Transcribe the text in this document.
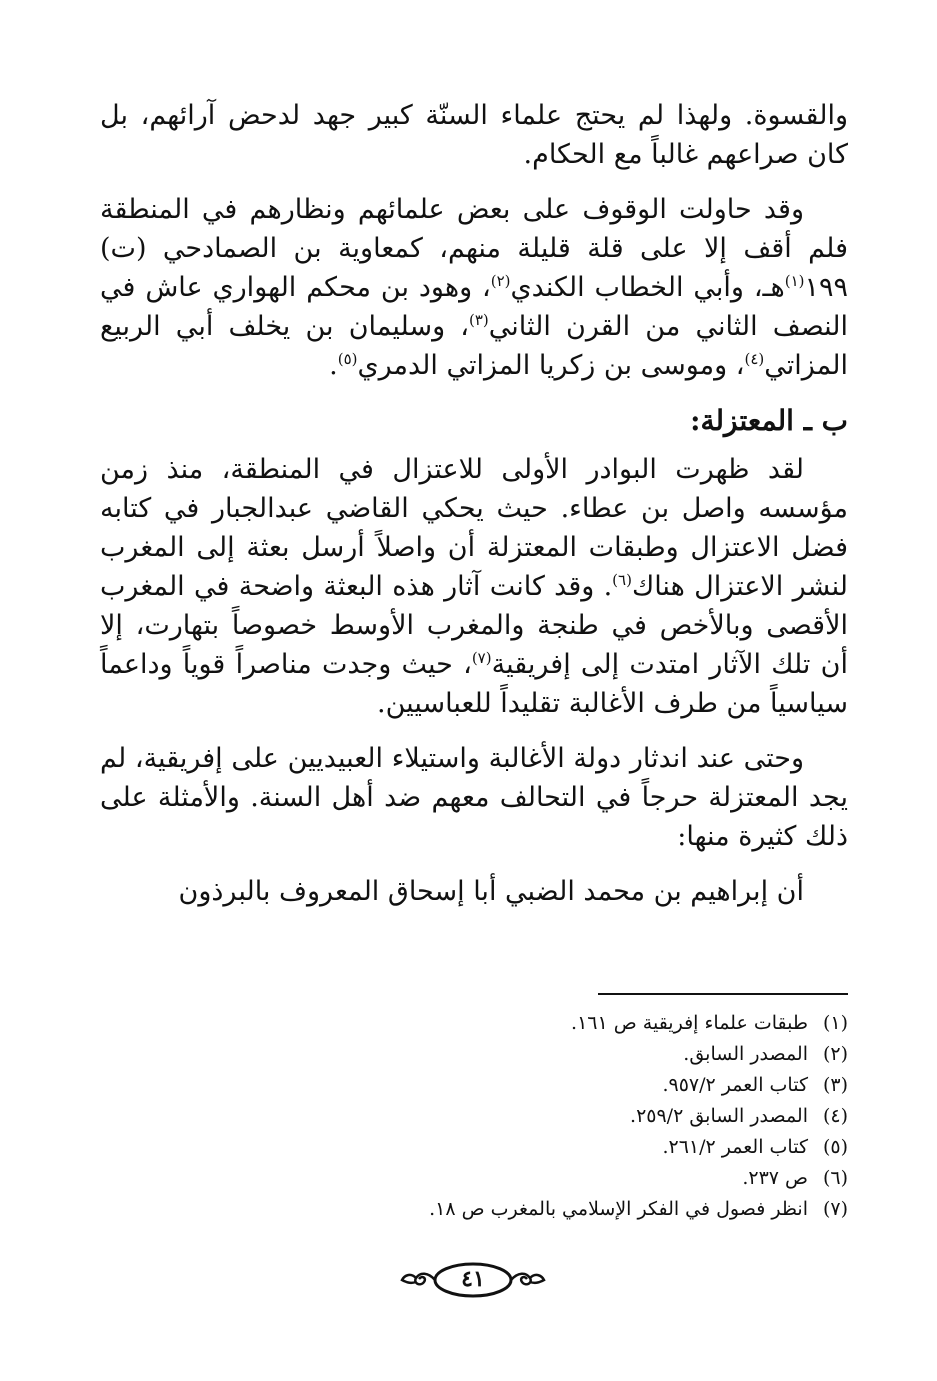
والقسوة. ولهذا لم يحتج علماء السنّة كبير جهد لدحض آرائهم، بل كان صراعهم غالباً مع الحكام.

وقد حاولت الوقوف على بعض علمائهم ونظارهم في المنطقة فلم أقف إلا على قلة قليلة منهم، كمعاوية بن الصمادحي (ت) ١٩٩$^{(١)}$هـ، وأبي الخطاب الكندي$^{(٢)}$، وهود بن محكم الهواري عاش في النصف الثاني من القرن الثاني$^{(٣)}$، وسليمان بن يخلف أبي الربيع المزاتي$^{(٤)}$، وموسى بن زكريا المزاتي الدمري$^{(٥)}$.

ب ـ المعتزلة:

لقد ظهرت البوادر الأولى للاعتزال في المنطقة، منذ زمن مؤسسه واصل بن عطاء. حيث يحكي القاضي عبدالجبار في كتابه فضل الاعتزال وطبقات المعتزلة أن واصلاً أرسل بعثة إلى المغرب لنشر الاعتزال هناك$^{(٦)}$. وقد كانت آثار هذه البعثة واضحة في المغرب الأقصى وبالأخص في طنجة والمغرب الأوسط خصوصاً بتهارت، إلا أن تلك الآثار امتدت إلى إفريقية$^{(٧)}$، حيث وجدت مناصراً قوياً وداعماً سياسياً من طرف الأغالبة تقليداً للعباسيين.

وحتى عند اندثار دولة الأغالبة واستيلاء العبيديين على إفريقية، لم يجد المعتزلة حرجاً في التحالف معهم ضد أهل السنة. والأمثلة على ذلك كثيرة منها:

أن إبراهيم بن محمد الضبي أبا إسحاق المعروف بالبرذون

(١)طبقات علماء إفريقية ص ١٦١.
(٢)المصدر السابق.
(٣)كتاب العمر ٩٥٧/٢.
(٤)المصدر السابق ٢٥٩/٢.
(٥)كتاب العمر ٢٦١/٢.
(٦)ص ٢٣٧.
(٧)انظر فصول في الفكر الإسلامي بالمغرب ص ١٨.
٤١
